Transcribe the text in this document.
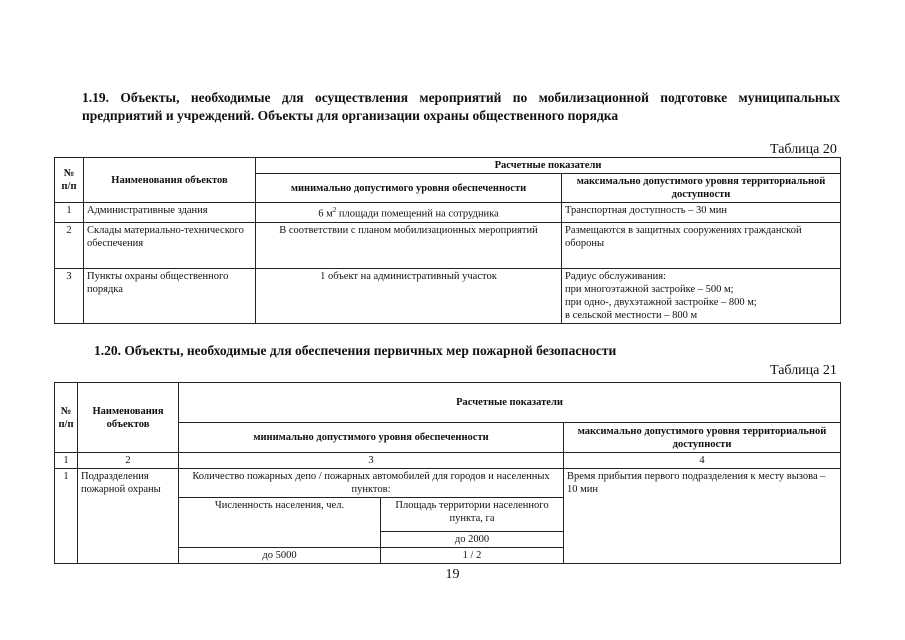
1.19. Объекты, необходимые для осуществления мероприятий по мобилизационной подготовке муниципальных предприятий и учреждений. Объекты для организации охраны общественного порядка
Таблица 20
№ п/п	Наименования объектов	Расчетные показатели	
		минимально допустимого уровня обеспеченности	максимально допустимого уровня территориальной доступности
1	Административные здания	6 $м^2$ площади помещений на сотрудника	Транспортная доступность – 30 мин
2	Склады материально-технического обеспечения	В соответствии с планом мобилизационных мероприятий	Размещаются в защитных сооружениях гражданской обороны
3	Пункты охраны общественного порядка	1 объект на административный участок	Радиус обслуживания:
при многоэтажной застройке – 500 м;
при одно-, двухэтажной застройке – 800 м;
в сельской местности – 800 м
1.20. Объекты, необходимые для обеспечения первичных мер пожарной безопасности
Таблица 21
№ п/п	Наименования объектов	Расчетные показатели		
		минимально допустимого уровня обеспеченности		максимально допустимого уровня территориальной доступности
1	2	3		4
1	Подразделения пожарной охраны	Количество пожарных депо / пожарных автомобилей для городов и населенных пунктов:		Время прибытия первого подразделения к месту вызова – 10 мин
		Численность населения, чел.	Площадь территории населенного пункта, га	
			до 2000	
		до 5000	1 / 2	
19
